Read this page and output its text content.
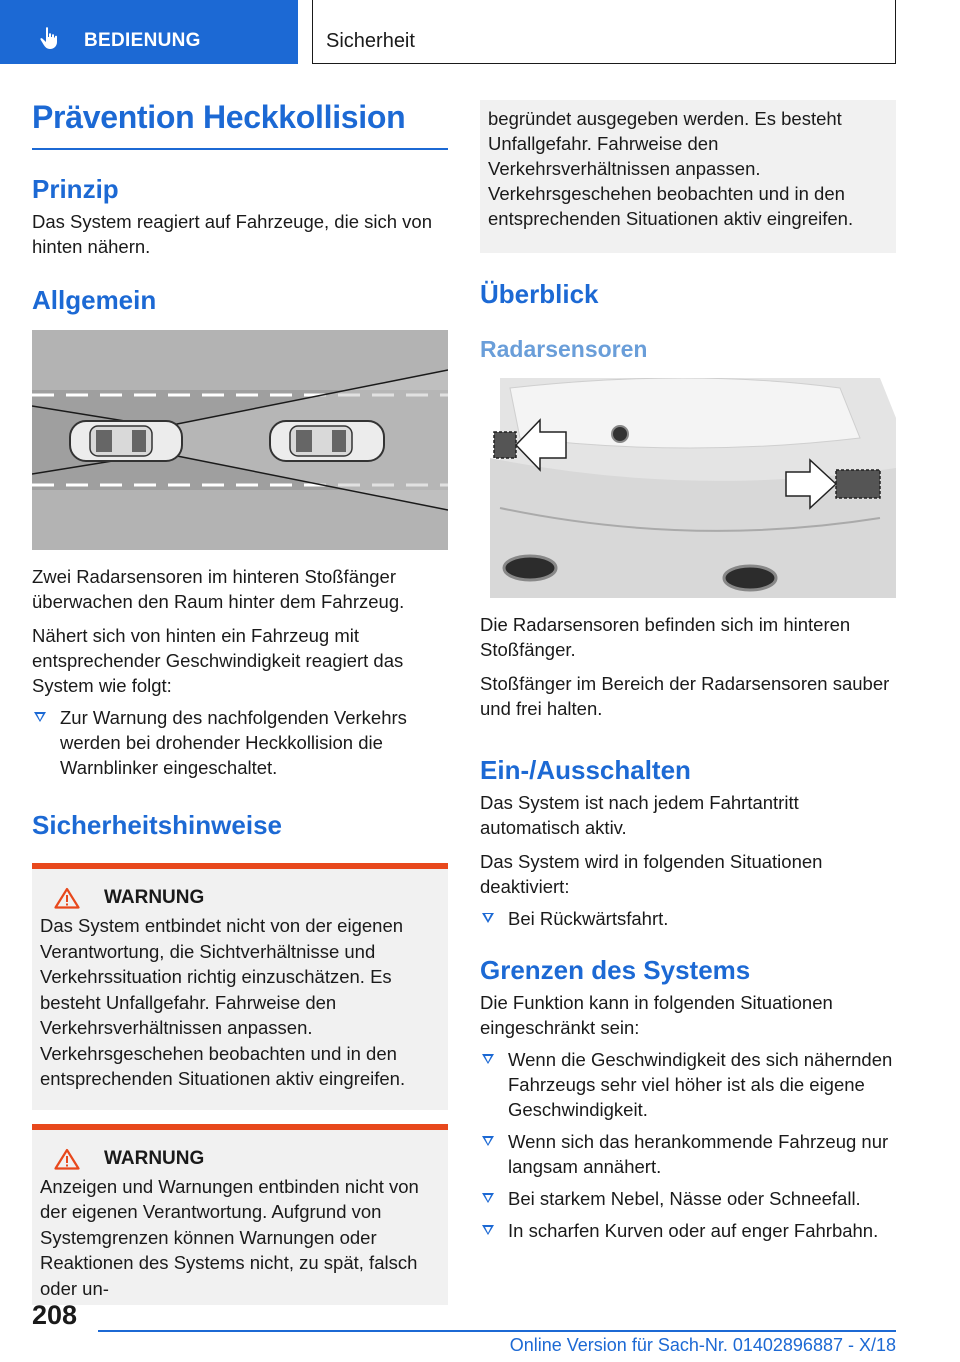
BEDIENUNG	Sicherheit
Prävention Heckkollision
Prinzip
Das System reagiert auf Fahrzeuge, die sich von hinten nähern.
Allgemein
Zwei Radarsensoren im hinteren Stoßfänger überwachen den Raum hinter dem Fahrzeug.
Nähert sich von hinten ein Fahrzeug mit entsprechender Geschwindigkeit reagiert das System wie folgt:
Zur Warnung des nachfolgenden Verkehrs werden bei drohender Heckkollision die Warnblinker eingeschaltet.
Sicherheitshinweise
WARNUNG
Das System entbindet nicht von der eigenen Verantwortung, die Sichtverhältnisse und Verkehrssituation richtig einzuschätzen. Es besteht Unfallgefahr. Fahrweise den Verkehrsverhältnissen anpassen. Verkehrsgeschehen beobachten und in den entsprechenden Situationen aktiv eingreifen.
WARNUNG
Anzeigen und Warnungen entbinden nicht von der eigenen Verantwortung. Aufgrund von Systemgrenzen können Warnungen oder Reaktionen des Systems nicht, zu spät, falsch oder un-
begründet ausgegeben werden. Es besteht Unfallgefahr. Fahrweise den Verkehrsverhältnissen anpassen. Verkehrsgeschehen beobachten und in den entsprechenden Situationen aktiv eingreifen.
Überblick
Radarsensoren
Die Radarsensoren befinden sich im hinteren Stoßfänger.
Stoßfänger im Bereich der Radarsensoren sauber und frei halten.
Ein-/Ausschalten
Das System ist nach jedem Fahrtantritt automatisch aktiv.
Das System wird in folgenden Situationen deaktiviert:
Bei Rückwärtsfahrt.
Grenzen des Systems
Die Funktion kann in folgenden Situationen eingeschränkt sein:
Wenn die Geschwindigkeit des sich nähernden Fahrzeugs sehr viel höher ist als die eigene Geschwindigkeit.
Wenn sich das herankommende Fahrzeug nur langsam annähert.
Bei starkem Nebel, Nässe oder Schneefall.
In scharfen Kurven oder auf enger Fahrbahn.
208
Online Version für Sach-Nr. 01402896887 - X/18
